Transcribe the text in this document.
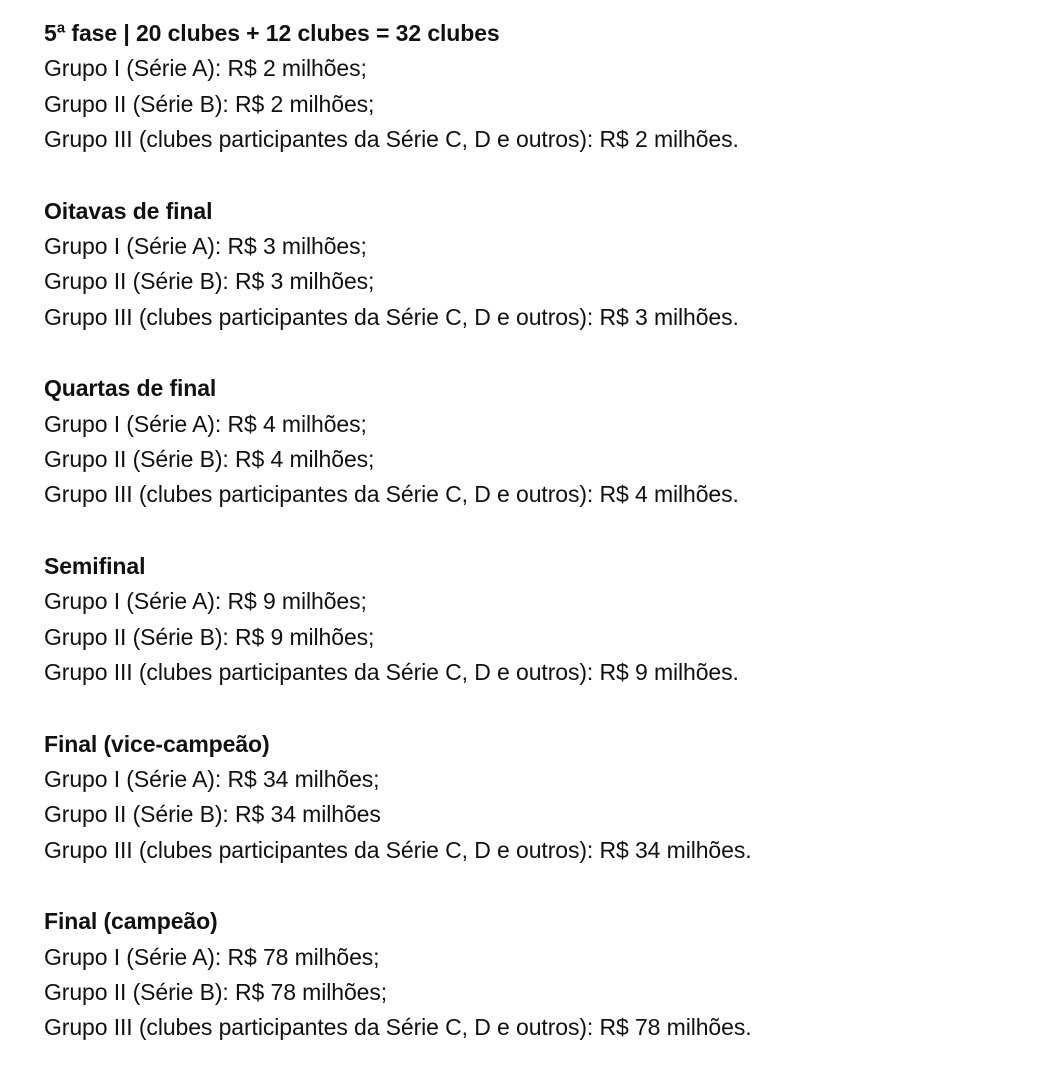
5ª fase | 20 clubes + 12 clubes = 32 clubes
Grupo I (Série A): R$ 2 milhões;
Grupo II (Série B): R$ 2 milhões;
Grupo III (clubes participantes da Série C, D e outros): R$ 2 milhões.
Oitavas de final
Grupo I (Série A): R$ 3 milhões;
Grupo II (Série B): R$ 3 milhões;
Grupo III (clubes participantes da Série C, D e outros): R$ 3 milhões.
Quartas de final
Grupo I (Série A): R$ 4 milhões;
Grupo II (Série B): R$ 4 milhões;
Grupo III (clubes participantes da Série C, D e outros): R$ 4 milhões.
Semifinal
Grupo I (Série A): R$ 9 milhões;
Grupo II (Série B): R$ 9 milhões;
Grupo III (clubes participantes da Série C, D e outros): R$ 9 milhões.
Final (vice-campeão)
Grupo I (Série A): R$ 34 milhões;
Grupo II (Série B): R$ 34 milhões
Grupo III (clubes participantes da Série C, D e outros): R$ 34 milhões.
Final (campeão)
Grupo I (Série A): R$ 78 milhões;
Grupo II (Série B): R$ 78 milhões;
Grupo III (clubes participantes da Série C, D e outros): R$ 78 milhões.
